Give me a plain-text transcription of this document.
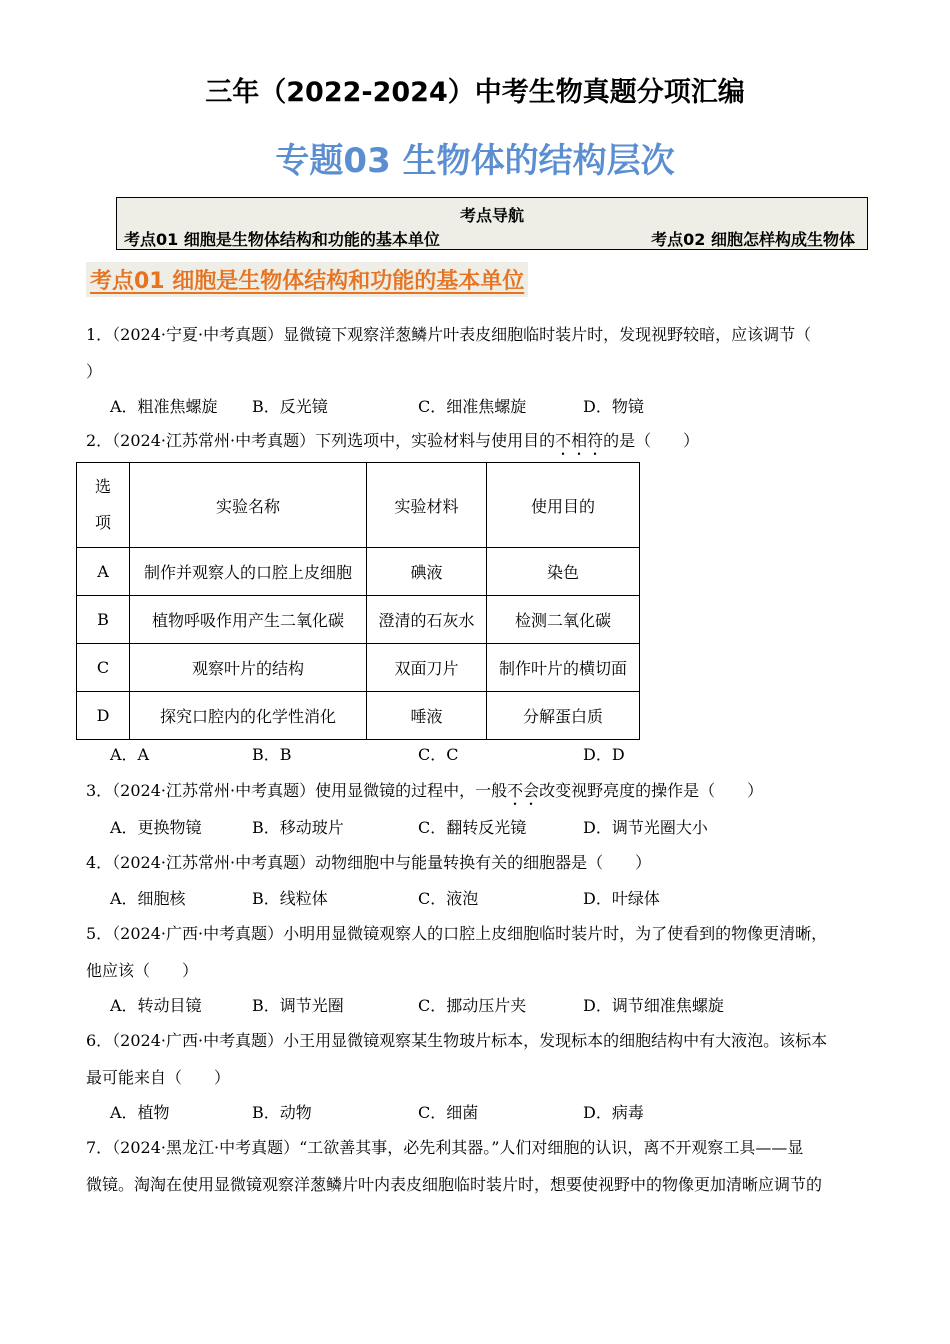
三年（2022-2024）中考生物真题分项汇编
专题03 生物体的结构层次
考点导航
考点01 细胞是生物体结构和功能的基本单位	考点02 细胞怎样构成生物体
考点01 细胞是生物体结构和功能的基本单位
1．（2024·宁夏·中考真题）显微镜下观察洋葱鳞片叶表皮细胞临时装片时，发现视野较暗，应该调节（
）
A．粗准焦螺旋 B．反光镜	C．细准焦螺旋	D．物镜
2．（2024·江苏常州·中考真题）下列选项中，实验材料与使用目的不相符的是（　　）
选
项	实验名称	实验材料	使用目的
A	制作并观察人的口腔上皮细胞	碘液	染色
B	植物呼吸作用产生二氧化碳	澄清的石灰水	检测二氧化碳
C	观察叶片的结构	双面刀片	制作叶片的横切面
D	探究口腔内的化学性消化	唾液	分解蛋白质
A．A	B．B	C．C	D．D
3．（2024·江苏常州·中考真题）使用显微镜的过程中，一般不会改变视野亮度的操作是（　　）
A．更换物镜	B．移动玻片	C．翻转反光镜	D．调节光圈大小
4．（2024·江苏常州·中考真题）动物细胞中与能量转换有关的细胞器是（　　）
A．细胞核	B．线粒体	C．液泡	D．叶绿体
5．（2024·广西·中考真题）小明用显微镜观察人的口腔上皮细胞临时装片时，为了使看到的物像更清晰，
他应该（　　）
A．转动目镜	B．调节光圈	C．挪动压片夹	D．调节细准焦螺旋
6．（2024·广西·中考真题）小王用显微镜观察某生物玻片标本，发现标本的细胞结构中有大液泡。该标本
最可能来自（　　）
A．植物	B．动物	C．细菌	D．病毒
7．（2024·黑龙江·中考真题）“工欲善其事，必先利其器。”人们对细胞的认识，离不开观察工具——显
微镜。淘淘在使用显微镜观察洋葱鳞片叶内表皮细胞临时装片时，想要使视野中的物像更加清晰应调节的
